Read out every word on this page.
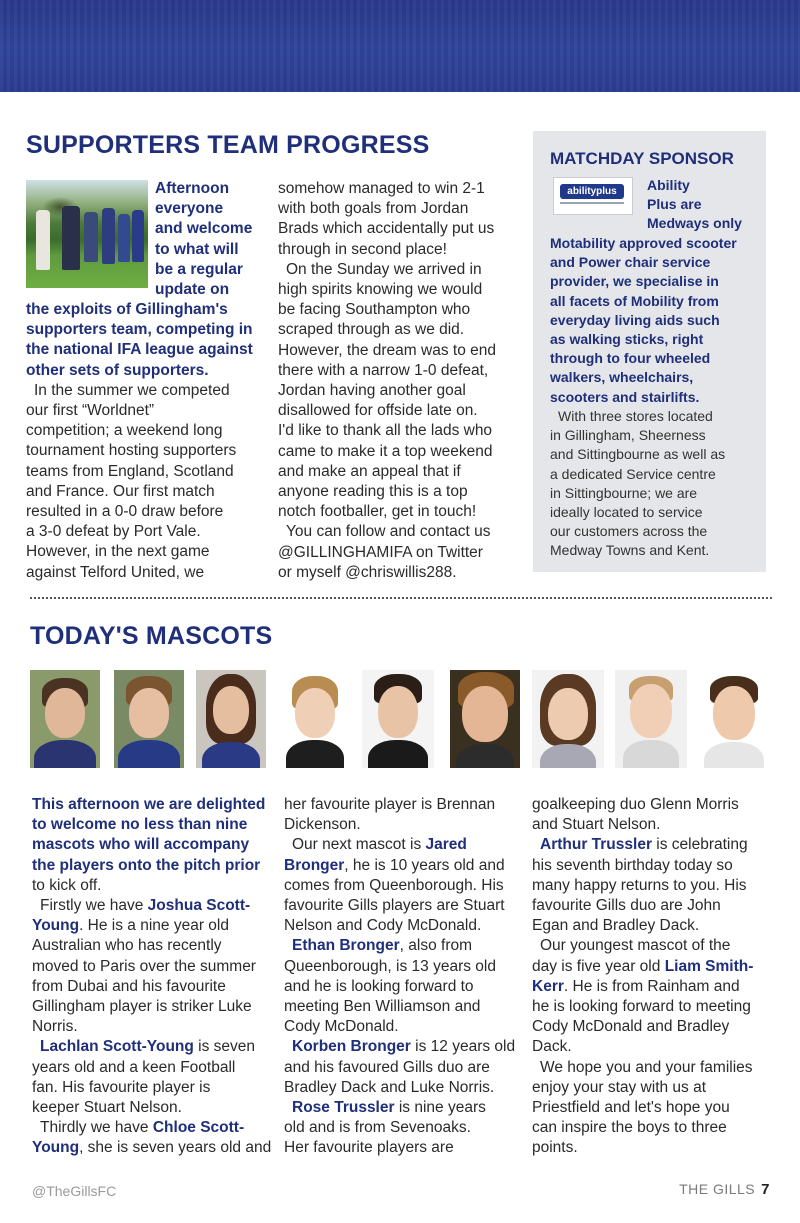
SUPPORTERS TEAM PROGRESS

Afternoon

everyone

and welcome

to what will

be a regular

update on

the exploits of Gillingham's

supporters team, competing in

the national IFA league against

other sets of supporters.

In the summer we competed

our first “Worldnet”

competition; a weekend long

tournament hosting supporters

teams from England, Scotland

and France. Our first match

resulted in a 0-0 draw before

a 3-0 defeat by Port Vale.

However, in the next game

against Telford United, we

somehow managed to win 2-1

with both goals from Jordan

Brads which accidentally put us

through in second place!

On the Sunday we arrived in

high spirits knowing we would

be facing Southampton who

scraped through as we did.

However, the dream was to end

there with a narrow 1-0 defeat,

Jordan having another goal

disallowed for offside late on.

I'd like to thank all the lads who

came to make it a top weekend

and make an appeal that if

anyone reading this is a top

notch footballer, get in touch!

You can follow and contact us

@GILLINGHAMIFA on Twitter

or myself @chriswillis288.

MATCHDAY SPONSOR
abilityplus	Ability
Plus are
Medways only
Motability approved scooter
and Power chair service
provider, we specialise in
all facets of Mobility from
everyday living aids such
as walking sticks, right
through to four wheeled
walkers, wheelchairs,
scooters and stairlifts.
With three stores located
in Gillingham, Sheerness
and Sittingbourne as well as
a dedicated Service centre
in Sittingbourne; we are
ideally located to service
our customers across the
Medway Towns and Kent.
TODAY'S MASCOTS

This afternoon we are delighted

to welcome no less than nine

mascots who will accompany

the players onto the pitch prior

to kick off.

Firstly we have Joshua Scott-

Young. He is a nine year old

Australian who has recently

moved to Paris over the summer

from Dubai and his favourite

Gillingham player is striker Luke

Norris.

Lachlan Scott-Young is seven

years old and a keen Football

fan. His favourite player is

keeper Stuart Nelson.

Thirdly we have Chloe Scott-

Young, she is seven years old and

her favourite player is Brennan

Dickenson.

Our next mascot is Jared

Bronger, he is 10 years old and

comes from Queenborough. His

favourite Gills players are Stuart

Nelson and Cody McDonald.

Ethan Bronger, also from

Queenborough, is 13 years old

and he is looking forward to

meeting Ben Williamson and

Cody McDonald.

Korben Bronger is 12 years old

and his favoured Gills duo are

Bradley Dack and Luke Norris.

Rose Trussler is nine years

old and is from Sevenoaks.

Her favourite players are

goalkeeping duo Glenn Morris

and Stuart Nelson.

Arthur Trussler is celebrating

his seventh birthday today so

many happy returns to you. His

favourite Gills duo are John

Egan and Bradley Dack.

Our youngest mascot of the

day is five year old Liam Smith-

Kerr. He is from Rainham and

he is looking forward to meeting

Cody McDonald and Bradley

Dack.

We hope you and your families

enjoy your stay with us at

Priestfield and let's hope you

can inspire the boys to three

points.

@TheGillsFC	THE GILLS 7
